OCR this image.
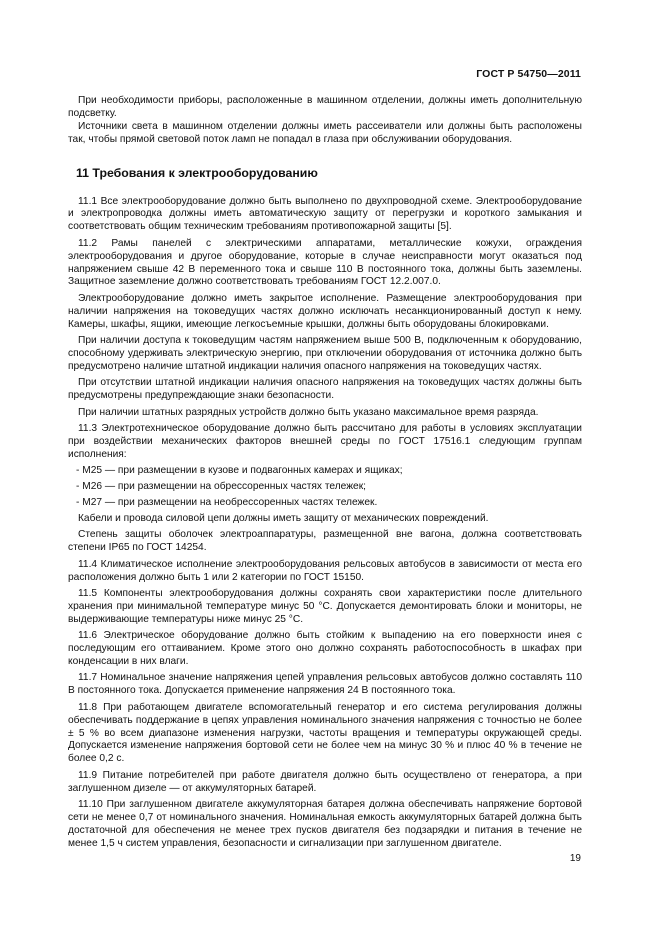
ГОСТ Р 54750—2011

При необходимости приборы, расположенные в машинном отделении, должны иметь дополнительную подсветку.

Источники света в машинном отделении должны иметь рассеиватели или должны быть расположены так, чтобы прямой световой поток ламп не попадал в глаза при обслуживании оборудования.

11 Требования к электрооборудованию

11.1 Все электрооборудование должно быть выполнено по двухпроводной схеме. Электрооборудование и электропроводка должны иметь автоматическую защиту от перегрузки и короткого замыкания и соответствовать общим техническим требованиям противопожарной защиты [5].

11.2 Рамы панелей с электрическими аппаратами, металлические кожухи, ограждения электрооборудования и другое оборудование, которые в случае неисправности могут оказаться под напряжением свыше 42 В переменного тока и свыше 110 В постоянного тока, должны быть заземлены. Защитное заземление должно соответствовать требованиям ГОСТ 12.2.007.0.

Электрооборудование должно иметь закрытое исполнение. Размещение электрооборудования при наличии напряжения на токоведущих частях должно исключать несанкционированный доступ к нему. Камеры, шкафы, ящики, имеющие легкосъемные крышки, должны быть оборудованы блокировками.

При наличии доступа к токоведущим частям напряжением выше 500 В, подключенным к оборудованию, способному удерживать электрическую энергию, при отключении оборудования от источника должно быть предусмотрено наличие штатной индикации наличия опасного напряжения на токоведущих частях.

При отсутствии штатной индикации наличия опасного напряжения на токоведущих частях должны быть предусмотрены предупреждающие знаки безопасности.

При наличии штатных разрядных устройств должно быть указано максимальное время разряда.

11.3 Электротехническое оборудование должно быть рассчитано для работы в условиях эксплуатации при воздействии механических факторов внешней среды по ГОСТ 17516.1 следующим группам исполнения:

- М25 — при размещении в кузове и подвагонных камерах и ящиках;

- М26 — при размещении на обрессоренных частях тележек;

- М27 — при размещении на необрессоренных частях тележек.

Кабели и провода силовой цепи должны иметь защиту от механических повреждений.

Степень защиты оболочек электроаппаратуры, размещенной вне вагона, должна соответствовать степени IP65 по ГОСТ 14254.

11.4 Климатическое исполнение электрооборудования рельсовых автобусов в зависимости от места его расположения должно быть 1 или 2 категории по ГОСТ 15150.

11.5 Компоненты электрооборудования должны сохранять свои характеристики после длительного хранения при минимальной температуре минус 50 °С. Допускается демонтировать блоки и мониторы, не выдерживающие температуры ниже минус 25 °С.

11.6 Электрическое оборудование должно быть стойким к выпадению на его поверхности инея с последующим его оттаиванием. Кроме этого оно должно сохранять работоспособность в шкафах при конденсации в них влаги.

11.7 Номинальное значение напряжения цепей управления рельсовых автобусов должно составлять 110 В постоянного тока. Допускается применение напряжения 24 В постоянного тока.

11.8 При работающем двигателе вспомогательный генератор и его система регулирования должны обеспечивать поддержание в цепях управления номинального значения напряжения с точностью не более ± 5 % во всем диапазоне изменения нагрузки, частоты вращения и температуры окружающей среды. Допускается изменение напряжения бортовой сети не более чем на минус 30 % и плюс 40 % в течение не более 0,2 с.

11.9 Питание потребителей при работе двигателя должно быть осуществлено от генератора, а при заглушенном дизеле — от аккумуляторных батарей.

11.10 При заглушенном двигателе аккумуляторная батарея должна обеспечивать напряжение бортовой сети не менее 0,7 от номинального значения. Номинальная емкость аккумуляторных батарей должна быть достаточной для обеспечения не менее трех пусков двигателя без подзарядки и питания в течение не менее 1,5 ч систем управления, безопасности и сигнализации при заглушенном двигателе.

19
